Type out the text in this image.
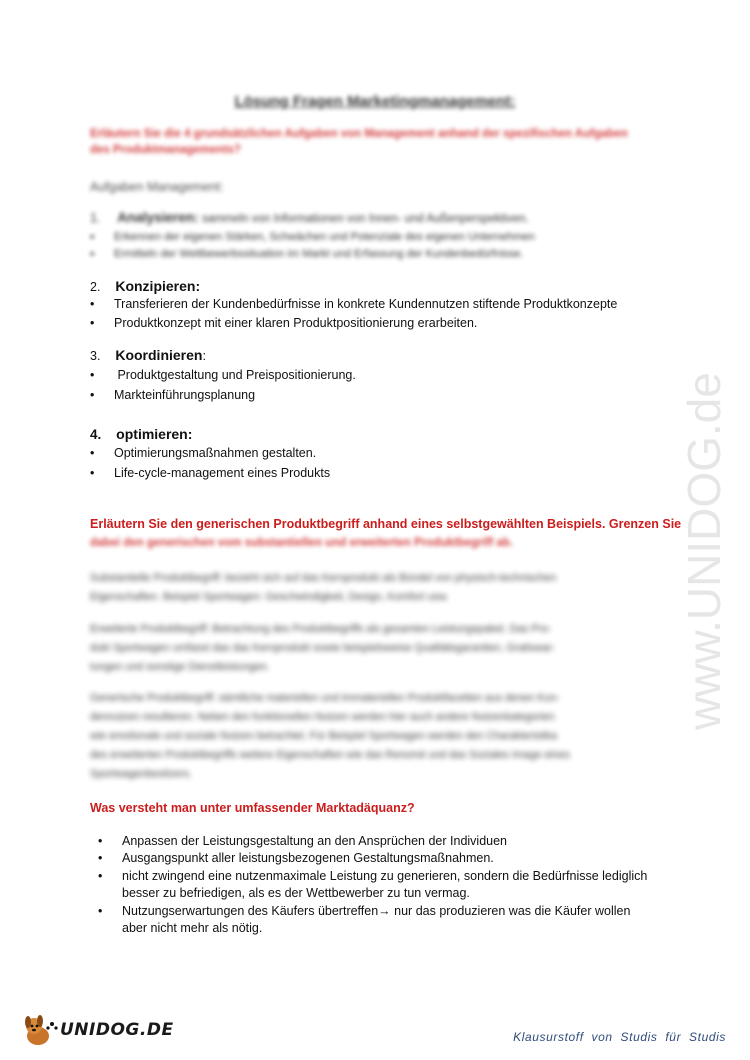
Lösung Fragen Marketingmanagement:
Erläutern Sie die 4 grundsätzlichen Aufgaben von Management anhand der spezifischen Aufgaben
des Produktmanagements?
Aufgaben Management:
1. Analysieren: sammeln von Informationen von Innen- und Außenperspektiven.
• Erkennen der eigenen Stärken, Schwächen und Potenziale des eigenen Unternehmen
• Ermitteln der Wettbewerbssituation im Markt und Erfassung der Kundenbedürfnisse.
2. Konzipieren:
• Transferieren der Kundenbedürfnisse in konkrete Kundennutzen stiftende Produktkonzepte
• Produktkonzept mit einer klaren Produktpositionierung erarbeiten.
3. Koordinieren:
• Produktgestaltung und Preispositionierung.
• Markteinführungsplanung
4. optimieren:
• Optimierungsmaßnahmen gestalten.
• Life-cycle-management eines Produkts
Erläutern Sie den generischen Produktbegriff anhand eines selbstgewählten Beispiels. Grenzen Sie
dabei den generischen vom substantiellen und erweiterten Produktbegriff ab.
Substantielle Produktbegriff: bezieht sich auf das Kernprodukt als Bündel von physisch-technischen
Eigenschaften. Beispiel Sportwagen: Geschwindigkeit, Design, Komfort usw.
Erweiterte Produktbegriff: Betrachtung des Produktbegriffs als gesamten Leistungspaket. Das Pro-
dukt Sportwagen umfasst das das Kernprodukt sowie beispielsweise Qualitätsgarantien, Gratiswar-
tungen und sonstige Dienstleistungen.
Generische Produktbegriff: sämtliche materiellen und immateriellen Produktfacetten aus denen Kun-
dennutzen resultieren. Neben den funktionellen Nutzen werden hier auch andere Nutzenkategorien
wie emotionale und soziale Nutzen betrachtet. Für Beispiel Sportwagen werden den Charakteristika
des erweiterten Produktbegriffs weitere Eigenschaften wie das Renomé und das Soziales Image eines
Sportwagenbesitzers.
Was versteht man unter umfassender Marktadäquanz?
• Anpassen der Leistungsgestaltung an den Ansprüchen der Individuen
• Ausgangspunkt aller leistungsbezogenen Gestaltungsmaßnahmen.
• nicht zwingend eine nutzenmaximale Leistung zu generieren, sondern die Bedürfnisse lediglich
besser zu befriedigen, als es der Wettbewerber zu tun vermag.
• Nutzungserwartungen des Käufers übertreffen→ nur das produzieren was die Käufer wollen
aber nicht mehr als nötig.
www.UNIDOG.de
UNIDOG.DE	Klausurstoff  von  Studis  für  Studis
